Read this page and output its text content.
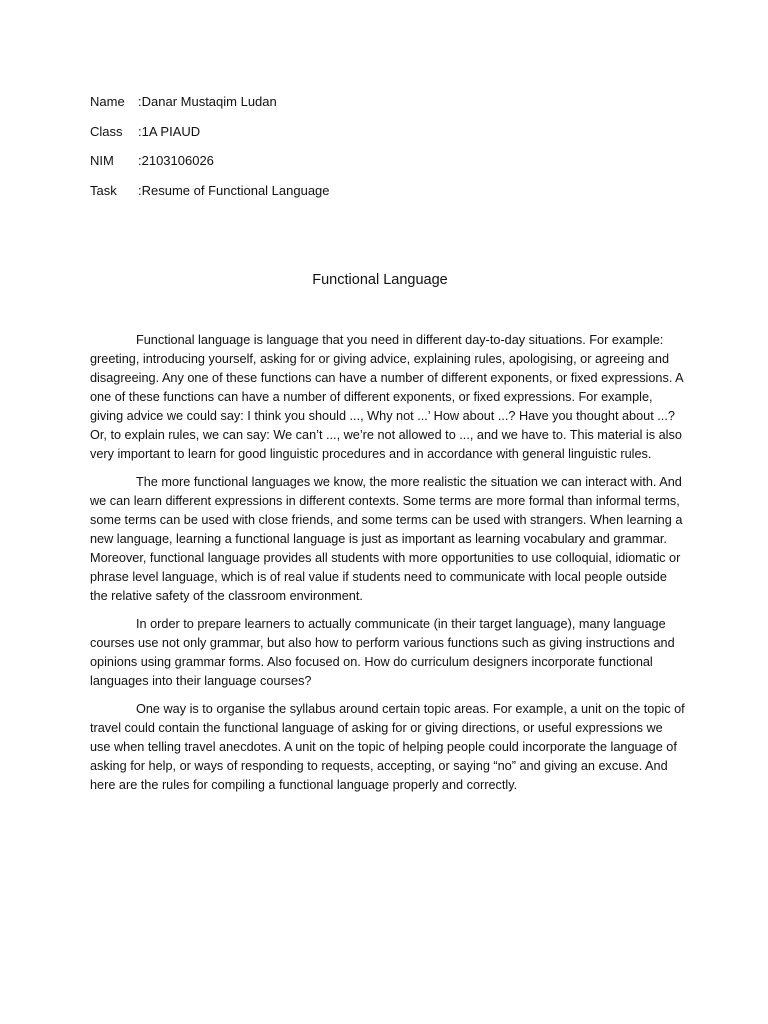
Name	:Danar Mustaqim Ludan
Class	:1A PIAUD
NIM	:2103106026
Task	:Resume of Functional Language
Functional Language

Functional language is language that you need in different day-to-day situations. For example: greeting, introducing yourself, asking for or giving advice, explaining rules, apologising, or agreeing and disagreeing. Any one of these functions can have a number of different exponents, or fixed expressions. A one of these functions can have a number of different exponents, or fixed expressions. For example, giving advice we could say: I think you should ..., Why not ...’ How about ...? Have you thought about ...? Or, to explain rules, we can say: We can’t ..., we’re not allowed to ..., and we have to. This material is also very important to learn for good linguistic procedures and in accordance with general linguistic rules.

The more functional languages we know, the more realistic the situation we can interact with. And we can learn different expressions in different contexts. Some terms are more formal than informal terms, some terms can be used with close friends, and some terms can be used with strangers. When learning a new language, learning a functional language is just as important as learning vocabulary and grammar. Moreover, functional language provides all students with more opportunities to use colloquial, idiomatic or phrase level language, which is of real value if students need to communicate with local people outside the relative safety of the classroom environment.

In order to prepare learners to actually communicate (in their target language), many language courses use not only grammar, but also how to perform various functions such as giving instructions and opinions using grammar forms. Also focused on. How do curriculum designers incorporate functional languages into their language courses?

One way is to organise the syllabus around certain topic areas. For example, a unit on the topic of travel could contain the functional language of asking for or giving directions, or useful expressions we use when telling travel anecdotes. A unit on the topic of helping people could incorporate the language of asking for help, or ways of responding to requests, accepting, or saying “no” and giving an excuse. And here are the rules for compiling a functional language properly and correctly.
